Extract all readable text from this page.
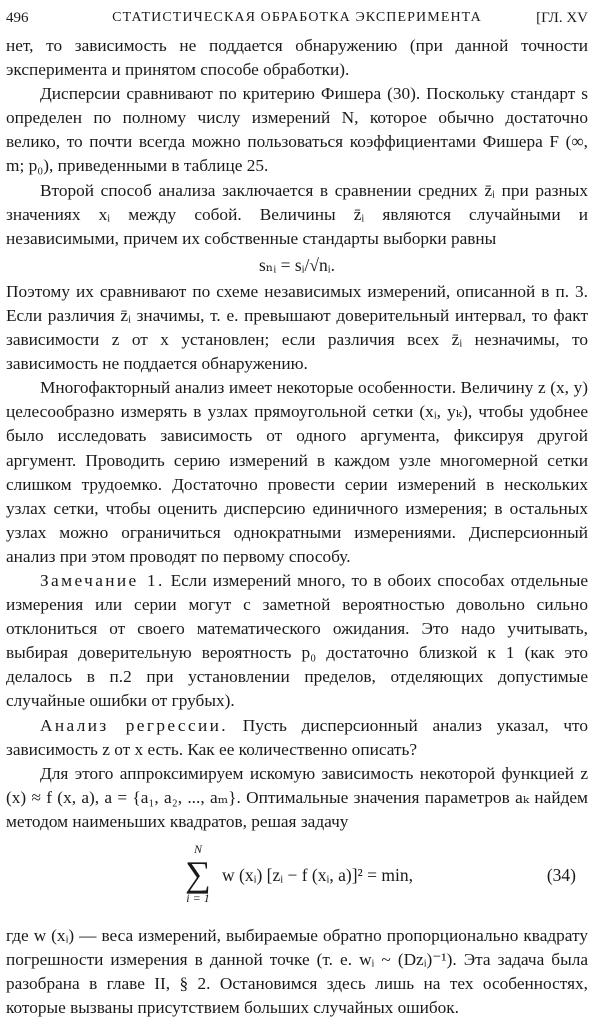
496	СТАТИСТИЧЕСКАЯ ОБРАБОТКА ЭКСПЕРИМЕНТА	[ГЛ. XV

нет, то зависимость не поддается обнаружению (при данной точности эксперимента и принятом способе обработки).

Дисперсии сравнивают по критерию Фишера (30). Поскольку стандарт s определен по полному числу измерений N, которое обычно достаточно велико, то почти всегда можно пользоваться коэффициентами Фишера F (∞, m; p₀), приведенными в таблице 25.

Второй способ анализа заключается в сравнении средних z̄ᵢ при разных значениях xᵢ между собой. Величины z̄ᵢ являются случайными и независимыми, причем их собственные стандарты выборки равны

sₙᵢ = sᵢ/√nᵢ.

Поэтому их сравнивают по схеме независимых измерений, описанной в п. 3. Если различия z̄ᵢ значимы, т. е. превышают доверительный интервал, то факт зависимости z от x установлен; если различия всех z̄ᵢ незначимы, то зависимость не поддается обнаружению.

Многофакторный анализ имеет некоторые особенности. Величину z (x, y) целесообразно измерять в узлах прямоугольной сетки (xᵢ, yₖ), чтобы удобнее было исследовать зависимость от одного аргумента, фиксируя другой аргумент. Проводить серию измерений в каждом узле многомерной сетки слишком трудоемко. Достаточно провести серии измерений в нескольких узлах сетки, чтобы оценить дисперсию единичного измерения; в остальных узлах можно ограничиться однократными измерениями. Дисперсионный анализ при этом проводят по первому способу.

Замечание 1. Если измерений много, то в обоих способах отдельные измерения или серии могут с заметной вероятностью довольно сильно отклониться от своего математического ожидания. Это надо учитывать, выбирая доверительную вероятность p₀ достаточно близкой к 1 (как это делалось в п.2 при установлении пределов, отделяющих допустимые случайные ошибки от грубых).

Анализ регрессии. Пусть дисперсионный анализ указал, что зависимость z от x есть. Как ее количественно описать?

Для этого аппроксимируем искомую зависимость некоторой функцией z (x) ≈ f (x, a), a = {a₁, a₂, ..., aₘ}. Оптимальные значения параметров aₖ найдем методом наименьших квадратов, решая задачу

N
∑
i = 1
w (xᵢ) [zᵢ − f (xᵢ, a)]² = min,	(34)

где w (xᵢ) — веса измерений, выбираемые обратно пропорционально квадрату погрешности измерения в данной точке (т. е. wᵢ ~ (Dzᵢ)⁻¹). Эта задача была разобрана в главе II, § 2. Остановимся здесь лишь на тех особенностях, которые вызваны присутствием больших случайных ошибок.
